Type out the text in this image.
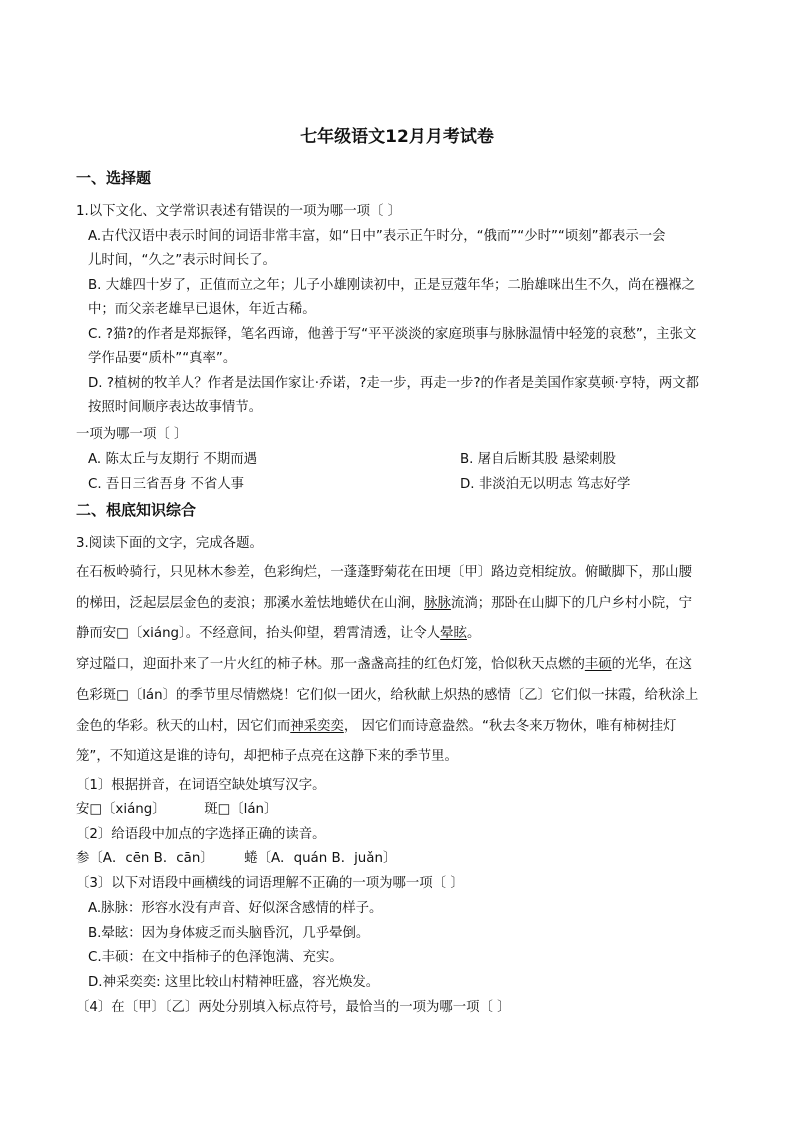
七年级语文12月月考试卷
一、选择题
1.以下文化、文学常识表述有错误的一项为哪一项〔 〕
A.古代汉语中表示时间的词语非常丰富，如“日中”表示正午时分，“俄而”“少时”“顷刻”都表示一会
儿时间，“久之”表示时间长了。
B. 大雄四十岁了，正值而立之年；儿子小雄刚读初中，正是豆蔻年华；二胎雄咪出生不久，尚在襁褓之
中；而父亲老雄早已退休，年近古稀。
C. ?猫?的作者是郑振铎，笔名西谛，他善于写“平平淡淡的家庭琐事与脉脉温情中轻笼的哀愁”，主张文
学作品要“质朴”“真率”。
D. ?植树的牧羊人？作者是法国作家让·乔诺，?走一步，再走一步?的作者是美国作家莫顿·亨特，两文都
按照时间顺序表达故事情节。
一项为哪一项〔 〕
A. 陈太丘与友期行 不期而遇	B. 屠自后断其股 悬梁刺股
C. 吾日三省吾身 不省人事	D. 非淡泊无以明志 笃志好学
二、根底知识综合
3.阅读下面的文字，完成各题。
在石板岭骑行，只见林木参差，色彩绚烂，一蓬蓬野菊花在田埂〔甲〕路边竞相绽放。俯瞰脚下，那山腰
的梯田，泛起层层金色的麦浪；那溪水羞怯地蜷伏在山涧，脉脉流淌；那卧在山脚下的几户乡村小院，宁
静而安□〔xiáng〕。不经意间，抬头仰望，碧霄清透，让令人晕眩。
穿过隘口，迎面扑来了一片火红的柿子林。那一盏盏高挂的红色灯笼，恰似秋天点燃的丰硕的光华，在这
色彩斑□〔lán〕的季节里尽情燃烧！它们似一团火，给秋献上炽热的感情〔乙〕它们似一抹霞，给秋涂上
金色的华彩。秋天的山村，因它们而神采奕奕， 因它们而诗意盎然。“秋去冬来万物休，唯有柿树挂灯
笼”，不知道这是谁的诗句，却把柿子点亮在这静下来的季节里。
〔1〕根据拼音，在词语空缺处填写汉字。
安□〔xiáng〕	斑□〔lán〕
〔2〕给语段中加点的字选择正确的读音。
参〔A．cēn B．cān〕 蜷〔A．quán B．juǎn〕
〔3〕以下对语段中画横线的词语理解不正确的一项为哪一项〔 〕
A.脉脉：形容水没有声音、好似深含感情的样子。
B.晕眩：因为身体疲乏而头脑昏沉，几乎晕倒。
C.丰硕：在文中指柿子的色泽饱满、充实。
D.神采奕奕: 这里比较山村精神旺盛，容光焕发。
〔4〕在〔甲〕〔乙〕两处分别填入标点符号，最恰当的一项为哪一项〔 〕
